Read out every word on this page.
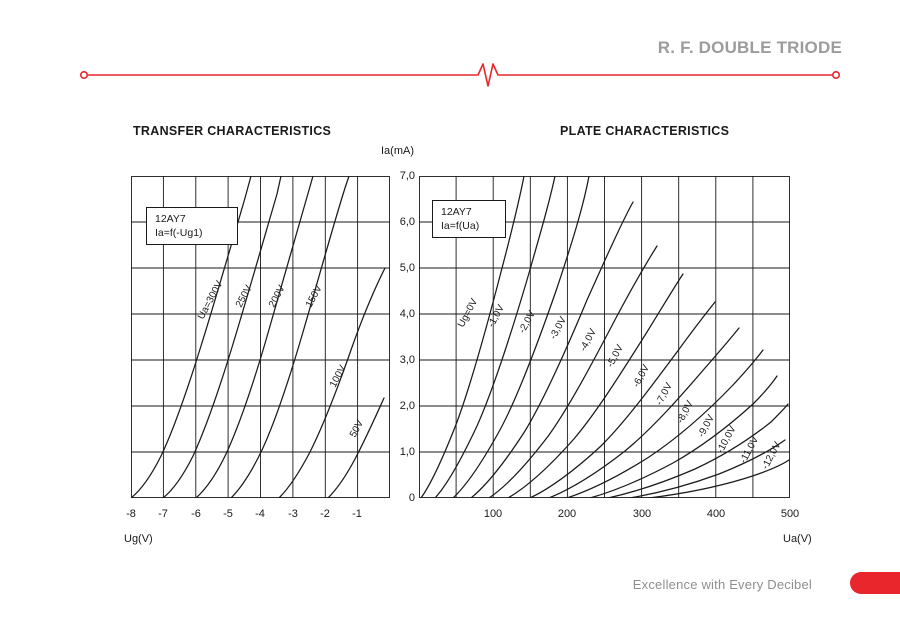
R. F. DOUBLE TRIODE
TRANSFER CHARACTERISTICS	PLATE CHARACTERISTICS
Ia(mA)
Ug(V)	Ua(V)
Ua=300V 250V 200V 150V
100V
50V
Ug=0V -1,0V -2,0V -3,0V -4,0V
-5,0V
-6,0V
-7,0V
-8,0V
-9,0V
-10,0V -11,0V
-12,0V
7,0
6,0
5,0
4,0
3,0
2,0
1,0
0
-8 -7 -6 -5 -4 -3 -2 -1	100	200	300	400	500
12AY7
Ia=f(-Ug1)
12AY7
Ia=f(Ua)
Excellence with Every Decibel
